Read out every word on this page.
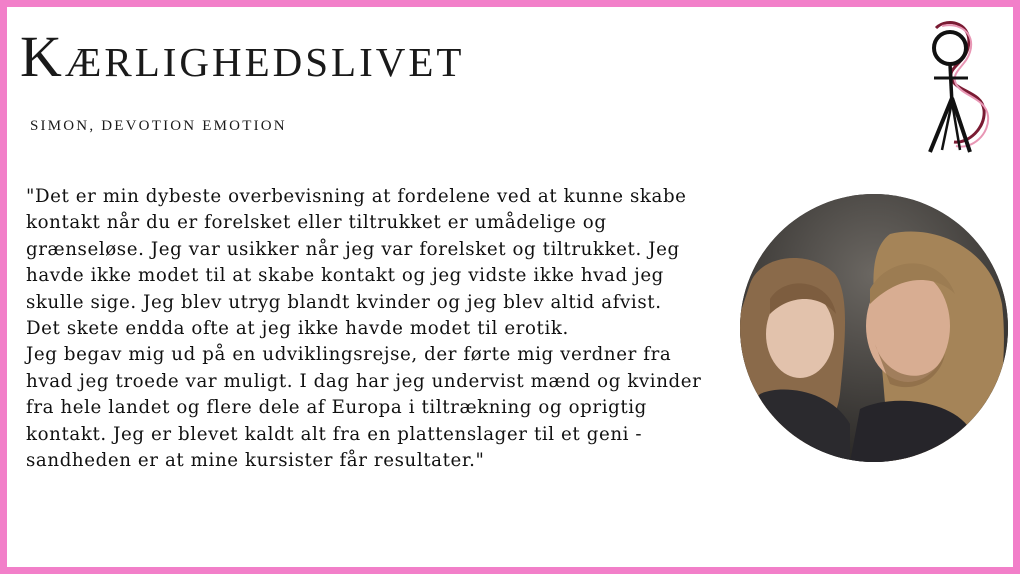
Kærlighedslivet
SIMON, DEVOTION EMOTION
"Det er min dybeste overbevisning at fordelene ved at kunne skabe
kontakt når du er forelsket eller tiltrukket er umådelige og
grænseløse. Jeg var usikker når jeg var forelsket og tiltrukket. Jeg
havde ikke modet til at skabe kontakt og jeg vidste ikke hvad jeg
skulle sige. Jeg blev utryg blandt kvinder og jeg blev altid afvist.
Det skete endda ofte at jeg ikke havde modet til erotik.
Jeg begav mig ud på en udviklingsrejse, der førte mig verdner fra
hvad jeg troede var muligt. I dag har jeg undervist mænd og kvinder
fra hele landet og flere dele af Europa i tiltrækning og oprigtig
kontakt. Jeg er blevet kaldt alt fra en plattenslager til et geni -
sandheden er at mine kursister får resultater."
